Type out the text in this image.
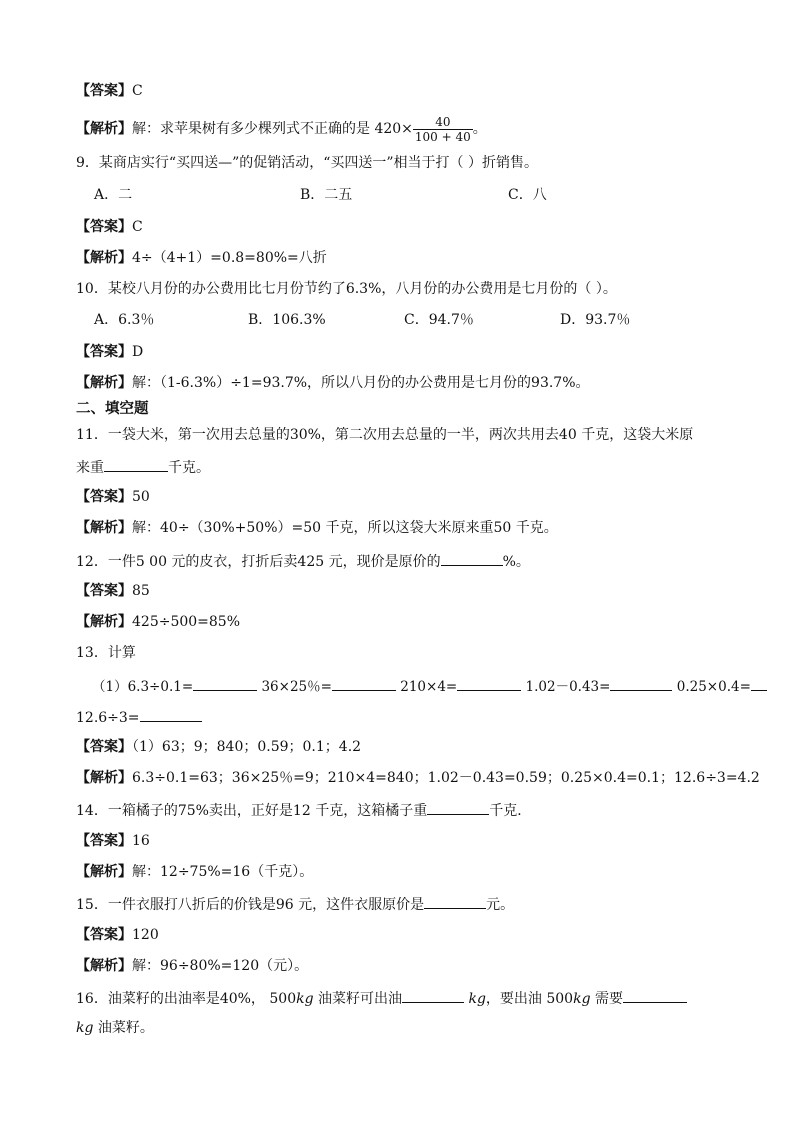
【答案】C
【解析】解：求苹果树有多少棵列式不正确的是 $420\times \frac{40}{100 + 40}$ 。
9．某商店实行“买四送—”的促销活动，“买四送一”相当于打（ ）折销售。
A．二	B．二五	C．八
【答案】C
【解析】4÷（4+1）=0.8=80%=八折
10．某校八月份的办公费用比七月份节约了6.3%，八月份的办公费用是七月份的（ ）。
A．6.3％	B．106.3%	C．94.7％	D．93.7％
【答案】D
【解析】解：（1-6.3%）÷1=93.7%，所以八月份的办公费用是七月份的93.7%。
二、填空题
11．一袋大米，第一次用去总量的30%，第二次用去总量的一半，两次共用去40 千克，这袋大米原
来重	千克。
【答案】50
【解析】解：40÷（30%+50%）=50 千克，所以这袋大米原来重50 千克。
12．一件5 00 元的皮衣，打折后卖425 元，现价是原价的	%。
【答案】85
【解析】425÷500=85%
13．计算
（1）6.3÷0.1=	36×25％=	210×4=	1.02－0.43=	0.25×0.4=
12.6÷3=
【答案】（1）63；9；840；0.59；0.1；4.2
【解析】6.3÷0.1=63；36×25％=9；210×4=840；1.02－0.43=0.59；0.25×0.4=0.1；12.6÷3=4.2
14．一箱橘子的75%卖出，正好是12 千克，这箱橘子重	千克．
【答案】16
【解析】解：12÷75%=16（千克）。
15．一件衣服打八折后的价钱是96 元，这件衣服原价是	元。
【答案】120
【解析】解：96÷80%=120（元）。
16．油菜籽的出油率是40%， 500kg 油菜籽可出油	kg，要出油 500kg 需要
kg 油菜籽。
